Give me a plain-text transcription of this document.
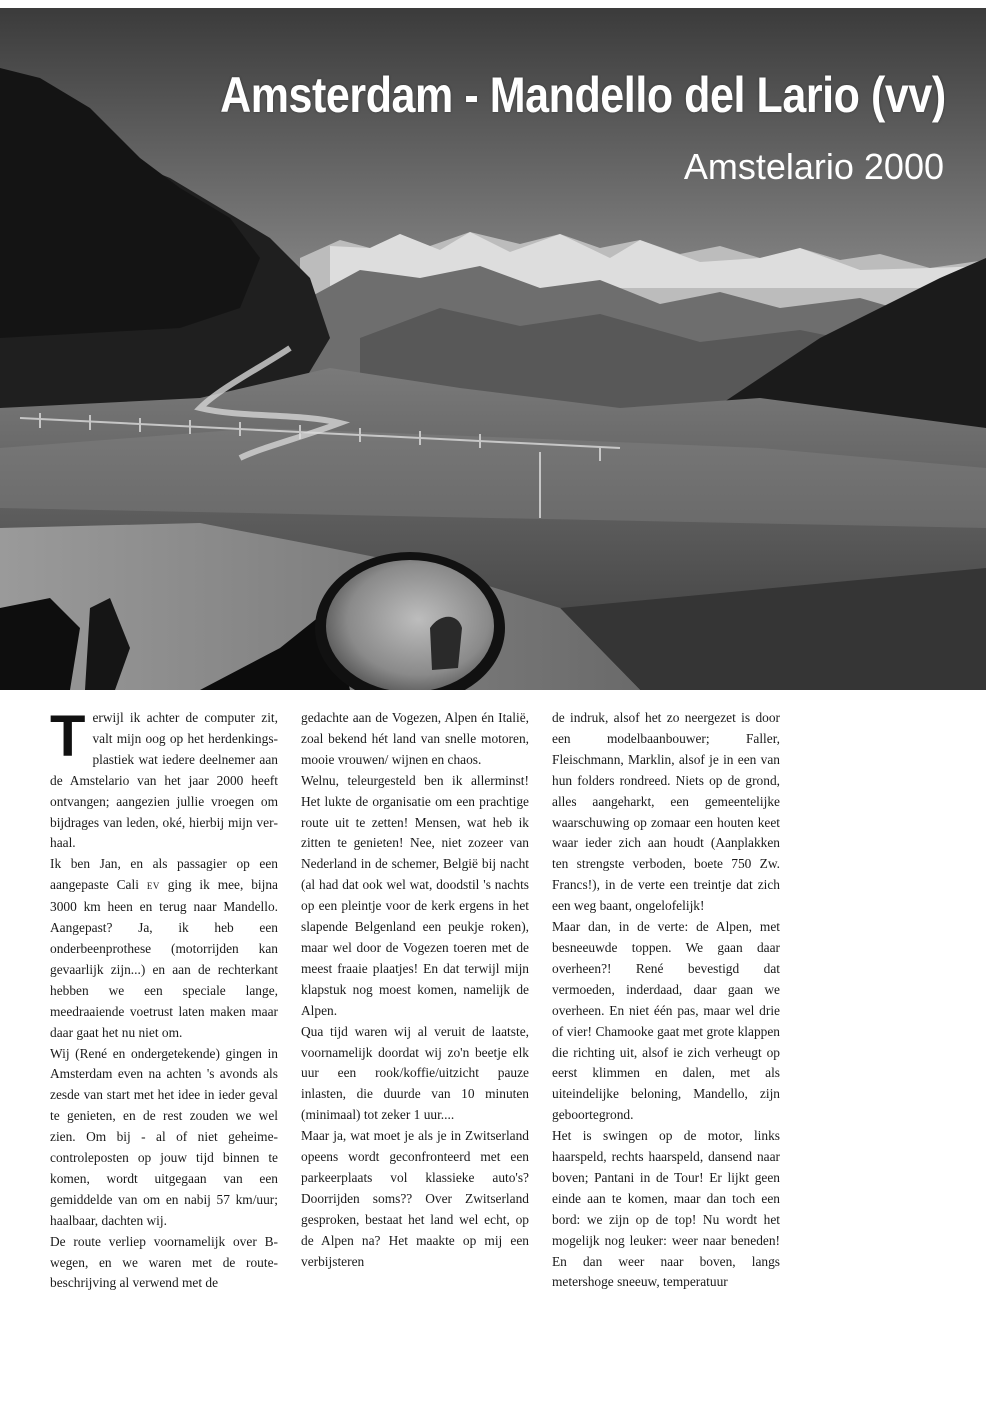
Amsterdam - Mandello del Lario (vv)
Amstelario 2000

Terwijl ik achter de computer zit, valt mijn oog op het herdenkingsplastiek wat iedere deelnemer aan de Amstelario van het jaar 2000 heeft ontvangen; aangezien jullie vroegen om bijdrages van leden, oké, hierbij mijn verhaal.

Ik ben Jan, en als passagier op een aangepaste Cali EV ging ik mee, bijna 3000 km heen en terug naar Mandello. Aangepast? Ja, ik heb een onderbeenprothese (motorrijden kan gevaarlijk zijn...) en aan de rechterkant hebben we een speciale lange, meedraaiende voetrust laten maken maar daar gaat het nu niet om.

Wij (René en ondergetekende) gingen in Amsterdam even na achten 's avonds als zesde van start met het idee in ieder geval te genieten, en de rest zouden we wel zien. Om bij - al of niet geheime- controleposten op jouw tijd binnen te komen, wordt uitgegaan van een gemiddelde van om en nabij 57 km/uur; haalbaar, dachten wij.

De route verliep voornamelijk over B-wegen, en we waren met de routebeschrijving al verwend met de

gedachte aan de Vogezen, Alpen én Italië, zoal bekend hét land van snelle motoren, mooie vrouwen/ wijnen en chaos.

Welnu, teleurgesteld ben ik allerminst! Het lukte de organisatie om een prachtige route uit te zetten! Mensen, wat heb ik zitten te genieten! Nee, niet zozeer van Nederland in de schemer, België bij nacht (al had dat ook wel wat, doodstil 's nachts op een pleintje voor de kerk ergens in het slapende Belgenland een peukje roken), maar wel door de Vogezen toeren met de meest fraaie plaatjes! En dat terwijl mijn klapstuk nog moest komen, namelijk de Alpen.

Qua tijd waren wij al veruit de laatste, voornamelijk doordat wij zo'n beetje elk uur een rook/koffie/uitzicht pauze inlasten, die duurde van 10 minuten (minimaal) tot zeker 1 uur....

Maar ja, wat moet je als je in Zwitserland opeens wordt geconfronteerd met een parkeerplaats vol klassieke auto's? Doorrijden soms?? Over Zwitserland gesproken, bestaat het land wel echt, op de Alpen na? Het maakte op mij een verbijsteren

de indruk, alsof het zo neergezet is door een modelbaanbouwer; Faller, Fleischmann, Marklin, alsof je in een van hun folders rondreed. Niets op de grond, alles aangeharkt, een gemeentelijke waarschuwing op zomaar een houten keet waar ieder zich aan houdt (Aanplakken ten strengste verboden, boete 750 Zw. Francs!), in de verte een treintje dat zich een weg baant, ongelofelijk!

Maar dan, in de verte: de Alpen, met besneeuwde toppen. We gaan daar overheen?! René bevestigd dat vermoeden, inderdaad, daar gaan we overheen. En niet één pas, maar wel drie of vier! Chamooke gaat met grote klappen die richting uit, alsof ie zich verheugt op eerst klimmen en dalen, met als uiteindelijke beloning, Mandello, zijn geboortegrond.

Het is swingen op de motor, links haarspeld, rechts haarspeld, dansend naar boven; Pantani in de Tour! Er lijkt geen einde aan te komen, maar dan toch een bord: we zijn op de top! Nu wordt het mogelijk nog leuker: weer naar beneden! En dan weer naar boven, langs metershoge sneeuw, temperatuur
